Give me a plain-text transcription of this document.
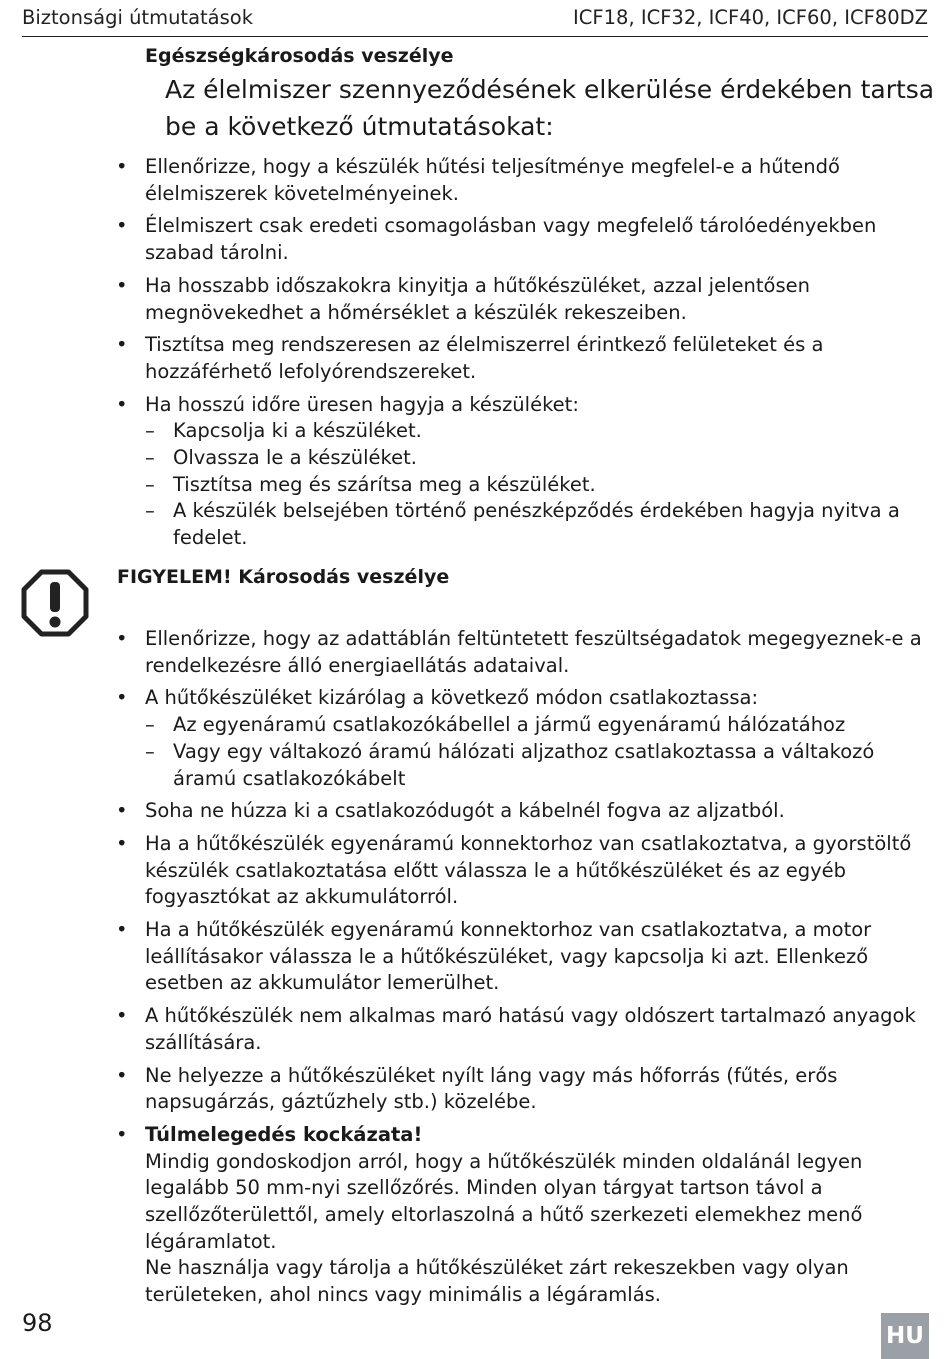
Biztonsági útmutatások	ICF18, ICF32, ICF40, ICF60, ICF80DZ
Egészségkárosodás veszélye
Az élelmiszer szennyeződésének elkerülése érdekében tartsa be a következő útmutatásokat:
• Ellenőrizze, hogy a készülék hűtési teljesítménye megfelel-e a hűtendő élelmiszerek követelményeinek.
• Élelmiszert csak eredeti csomagolásban vagy megfelelő tárolóedényekben szabad tárolni.
• Ha hosszabb időszakokra kinyitja a hűtőkészüléket, azzal jelentősen megnövekedhet a hőmérséklet a készülék rekeszeiben.
• Tisztítsa meg rendszeresen az élelmiszerrel érintkező felületeket és a hozzáférhető lefolyórendszereket.
• Ha hosszú időre üresen hagyja a készüléket:
– Kapcsolja ki a készüléket.
– Olvassza le a készüléket.
– Tisztítsa meg és szárítsa meg a készüléket.
– A készülék belsejében történő penészképződés érdekében hagyja nyitva a fedelet.
FIGYELEM! Károsodás veszélye
• Ellenőrizze, hogy az adattáblán feltüntetett feszültségadatok megegyeznek-e a rendelkezésre álló energiaellátás adataival.
• A hűtőkészüléket kizárólag a következő módon csatlakoztassa:
– Az egyenáramú csatlakozókábellel a jármű egyenáramú hálózatához
– Vagy egy váltakozó áramú hálózati aljzathoz csatlakoztassa a váltakozó áramú csatlakozókábelt
• Soha ne húzza ki a csatlakozódugót a kábelnél fogva az aljzatból.
• Ha a hűtőkészülék egyenáramú konnektorhoz van csatlakoztatva, a gyorstöltő készülék csatlakoztatása előtt válassza le a hűtőkészüléket és az egyéb fogyasztókat az akkumulátorról.
• Ha a hűtőkészülék egyenáramú konnektorhoz van csatlakoztatva, a motor leállításakor válassza le a hűtőkészüléket, vagy kapcsolja ki azt. Ellenkező esetben az akkumulátor lemerülhet.
• A hűtőkészülék nem alkalmas maró hatású vagy oldószert tartalmazó anyagok szállítására.
• Ne helyezze a hűtőkészüléket nyílt láng vagy más hőforrás (fűtés, erős napsugárzás, gáztűzhely stb.) közelébe.
• Túlmelegedés kockázata!
Mindig gondoskodjon arról, hogy a hűtőkészülék minden oldalánál legyen legalább 50 mm-nyi szellőzőrés. Minden olyan tárgyat tartson távol a szellőzőterülettől, amely eltorlaszolná a hűtő szerkezeti elemekhez menő légáramlatot.
Ne használja vagy tárolja a hűtőkészüléket zárt rekeszekben vagy olyan területeken, ahol nincs vagy minimális a légáramlás.
98	HU
